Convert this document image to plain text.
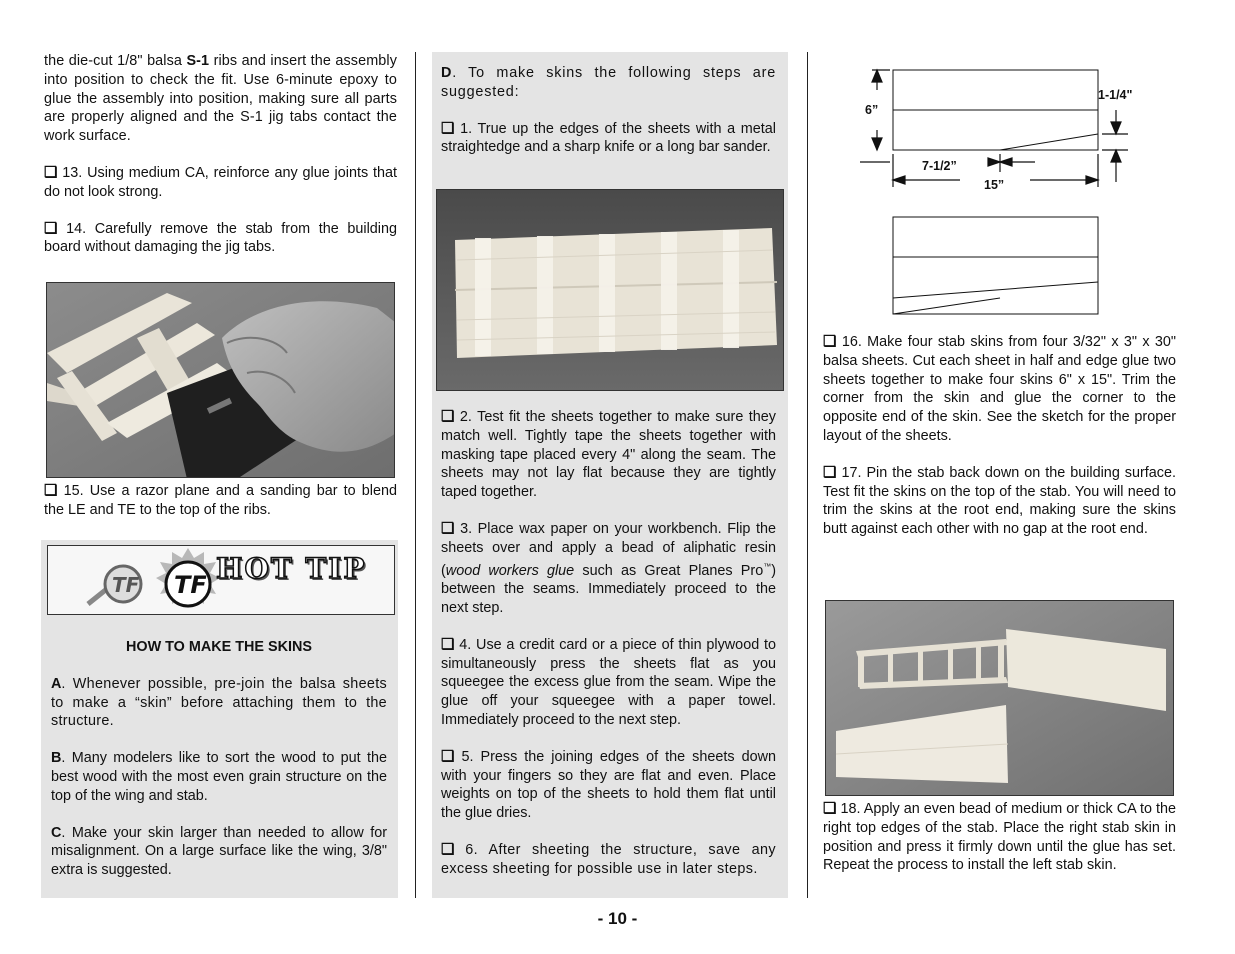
the die-cut 1/8" balsa S-1 ribs and insert the assembly into position to check the fit. Use 6-minute epoxy to glue the assembly into position, making sure all parts are properly aligned and the S-1 jig tabs contact the work surface.

❏ 13. Using medium CA, reinforce any glue joints that do not look strong.

❏ 14. Carefully remove the stab from the building board without damaging the jig tabs.

❏ 15. Use a razor plane and a sanding bar to blend the LE and TE to the top of the ribs.

TF TF HOT TIP
HOW TO MAKE THE SKINS

A. Whenever possible, pre-join the balsa sheets to make a “skin” before attaching them to the structure.

B. Many modelers like to sort the wood to put the best wood with the most even grain structure on the top of the wing and stab.

C. Make your skin larger than needed to allow for misalignment. On a large surface like the wing, 3/8" extra is suggested.

D. To make skins the following steps are suggested:

❏ 1. True up the edges of the sheets with a metal straightedge and a sharp knife or a long bar sander.

❏ 2. Test fit the sheets together to make sure they match well. Tightly tape the sheets together with masking tape placed every 4" along the seam. The sheets may not lay flat because they are tightly taped together.

❏ 3. Place wax paper on your workbench. Flip the sheets over and apply a bead of aliphatic resin (wood workers glue such as Great Planes Pro™) between the seams. Immediately proceed to the next step.

❏ 4. Use a credit card or a piece of thin plywood to simultaneously press the sheets flat as you squeegee the excess glue from the seam. Wipe the glue off your squeegee with a paper towel. Immediately proceed to the next step.

❏ 5. Press the joining edges of the sheets down with your fingers so they are flat and even. Place weights on top of the sheets to hold them flat until the glue dries.

❏ 6. After sheeting the structure, save any excess sheeting for possible use in later steps.

6”
1-1/4"
7-1/2”
15”

❏ 16. Make four stab skins from four 3/32" x 3" x 30" balsa sheets. Cut each sheet in half and edge glue two sheets together to make four skins 6" x 15". Trim the corner from the skin and glue the corner to the opposite end of the skin. See the sketch for the proper layout of the sheets.

❏ 17. Pin the stab back down on the building surface. Test fit the skins on the top of the stab. You will need to trim the skins at the root end, making sure the skins butt against each other with no gap at the root end.

❏ 18. Apply an even bead of medium or thick CA to the right top edges of the stab. Place the right stab skin in position and press it firmly down until the glue has set. Repeat the process to install the left stab skin.

- 10 -
